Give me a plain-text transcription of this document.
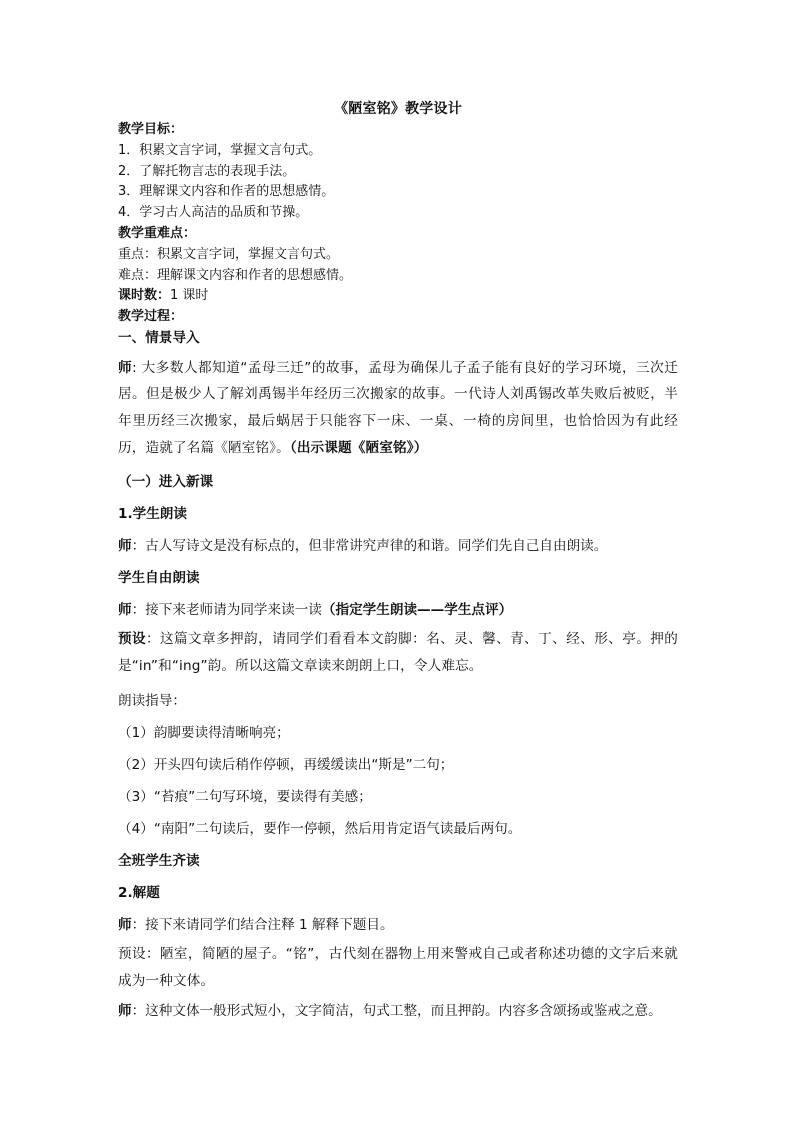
《陋室铭》教学设计
教学目标：
1．积累文言字词，掌握文言句式。
2．了解托物言志的表现手法。
3．理解课文内容和作者的思想感情。
4．学习古人高洁的品质和节操。
教学重难点：
重点：积累文言字词，掌握文言句式。
难点：理解课文内容和作者的思想感情。
课时数：1 课时
教学过程：
一、情景导入
师: 大多数人都知道“孟母三迁”的故事，孟母为确保儿子孟子能有良好的学习环境，三次迁居。但是极少人了解刘禹锡半年经历三次搬家的故事。一代诗人刘禹锡改革失败后被贬，半年里历经三次搬家，最后蜗居于只能容下一床、一桌、一椅的房间里，也恰恰因为有此经历，造就了名篇《陋室铭》。（出示课题《陋室铭》）
（一）进入新课
1.学生朗读
师：古人写诗文是没有标点的，但非常讲究声律的和谐。同学们先自己自由朗读。
学生自由朗读
师：接下来老师请为同学来读一读（指定学生朗读——学生点评）
预设：这篇文章多押韵，请同学们看看本文韵脚：名、灵、馨、青、丁、经、形、亭。押的是“in”和“ing”韵。所以这篇文章读来朗朗上口，令人难忘。
朗读指导：
（1）韵脚要读得清晰响亮；
（2）开头四句读后稍作停顿，再缓缓读出“斯是”二句；
（3）“苔痕”二句写环境，要读得有美感；
（4）“南阳”二句读后，要作一停顿，然后用肯定语气读最后两句。
全班学生齐读
2.解题
师：接下来请同学们结合注释 1 解释下题目。
预设：陋室，简陋的屋子。“铭”，古代刻在器物上用来警戒自己或者称述功德的文字后来就成为一种文体。
师：这种文体一般形式短小，文字简洁，句式工整，而且押韵。内容多含颂扬或鉴戒之意。
